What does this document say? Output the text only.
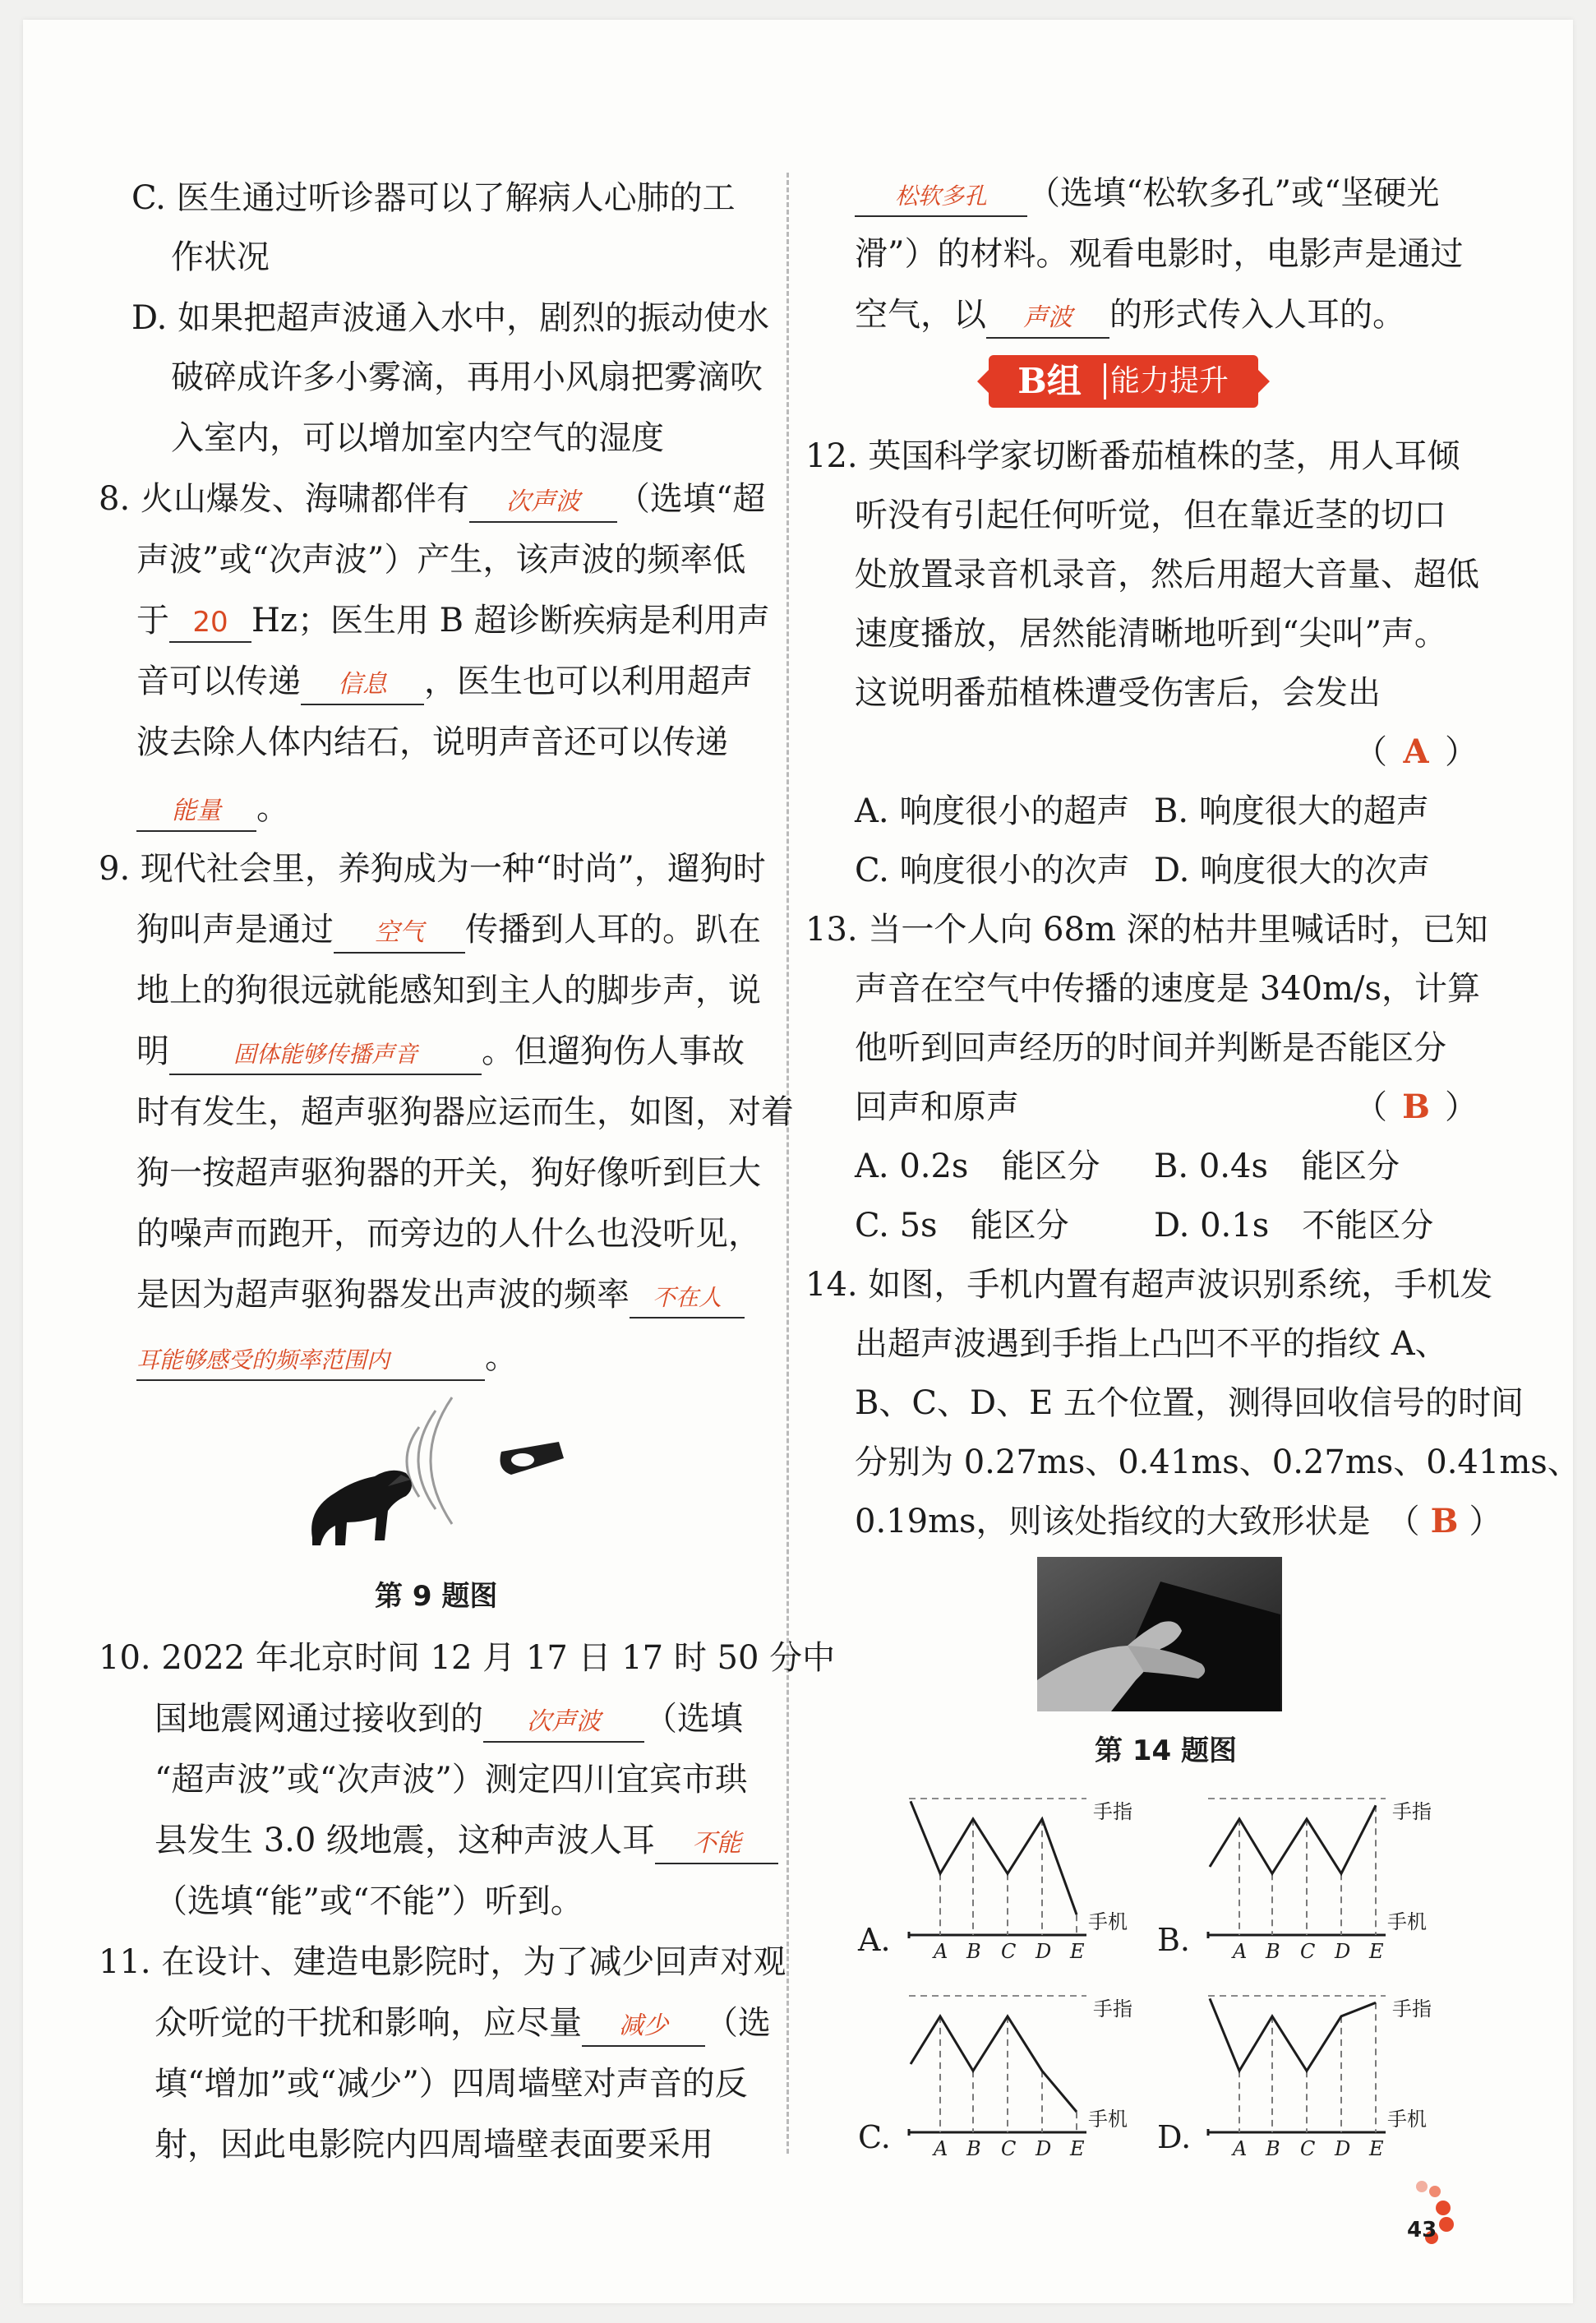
C. 医生通过听诊器可以了解病人心肺的工
作状况
D. 如果把超声波通入水中，剧烈的振动使水
破碎成许多小雾滴，再用小风扇把雾滴吹
入室内，可以增加室内空气的湿度
8. 火山爆发、海啸都伴有 次声波 （选填“超
声波”或“次声波”）产生，该声波的频率低
于 20 Hz；医生用 B 超诊断疾病是利用声
音可以传递 信息 ，医生也可以利用超声
波去除人体内结石，说明声音还可以传递
能量 。
9. 现代社会里，养狗成为一种“时尚”，遛狗时
狗叫声是通过 空气 传播到人耳的。趴在
地上的狗很远就能感知到主人的脚步声，说
明	固体能够传播声音 。但遛狗伤人事故
时有发生，超声驱狗器应运而生，如图，对着
狗一按超声驱狗器的开关，狗好像听到巨大
的噪声而跑开，而旁边的人什么也没听见，
是因为超声驱狗器发出声波的频率 不在人
耳能够感受的频率范围内	。
第 9 题图
10. 2022 年北京时间 12 月 17 日 17 时 50 分中
国地震网通过接收到的 次声波 （选填
“超声波”或“次声波”）测定四川宜宾市珙
县发生 3.0 级地震，这种声波人耳 不能
（选填“能”或“不能”）听到。
11. 在设计、建造电影院时，为了减少回声对观
众听觉的干扰和影响，应尽量 减少 （选
填“增加”或“减少”）四周墙壁对声音的反
射，因此电影院内四周墙壁表面要采用
松软多孔 （选填“松软多孔”或“坚硬光
滑”）的材料。观看电影时，电影声是通过
空气，以 声波 的形式传入人耳的。
B组 能力提升
12. 英国科学家切断番茄植株的茎，用人耳倾
听没有引起任何听觉，但在靠近茎的切口
处放置录音机录音，然后用超大音量、超低
速度播放，居然能清晰地听到“尖叫”声。
这说明番茄植株遭受伤害后，会发出
（ A ）
A. 响度很小的超声 B. 响度很大的超声
C. 响度很小的次声 D. 响度很大的次声
13. 当一个人向 68m 深的枯井里喊话时，已知
声音在空气中传播的速度是 340m/s，计算
他听到回声经历的时间并判断是否能区分
回声和原声	（ B ）
A. 0.2s　能区分 B. 0.4s　能区分
C. 5s　能区分	D. 0.1s　不能区分
14. 如图，手机内置有超声波识别系统，手机发
出超声波遇到手指上凸凹不平的指纹 A、
B、C、D、E 五个位置，测得回收信号的时间
分别为 0.27ms、0.41ms、0.27ms、0.41ms、
0.19ms，则该处指纹的大致形状是 （ B ）
第 14 题图
A.	B.
C.	D.
手指
手机
A B C D E
手指
手机
A B C D E
手指
手机
A B C D E
手指
手机
A B C D E
43
